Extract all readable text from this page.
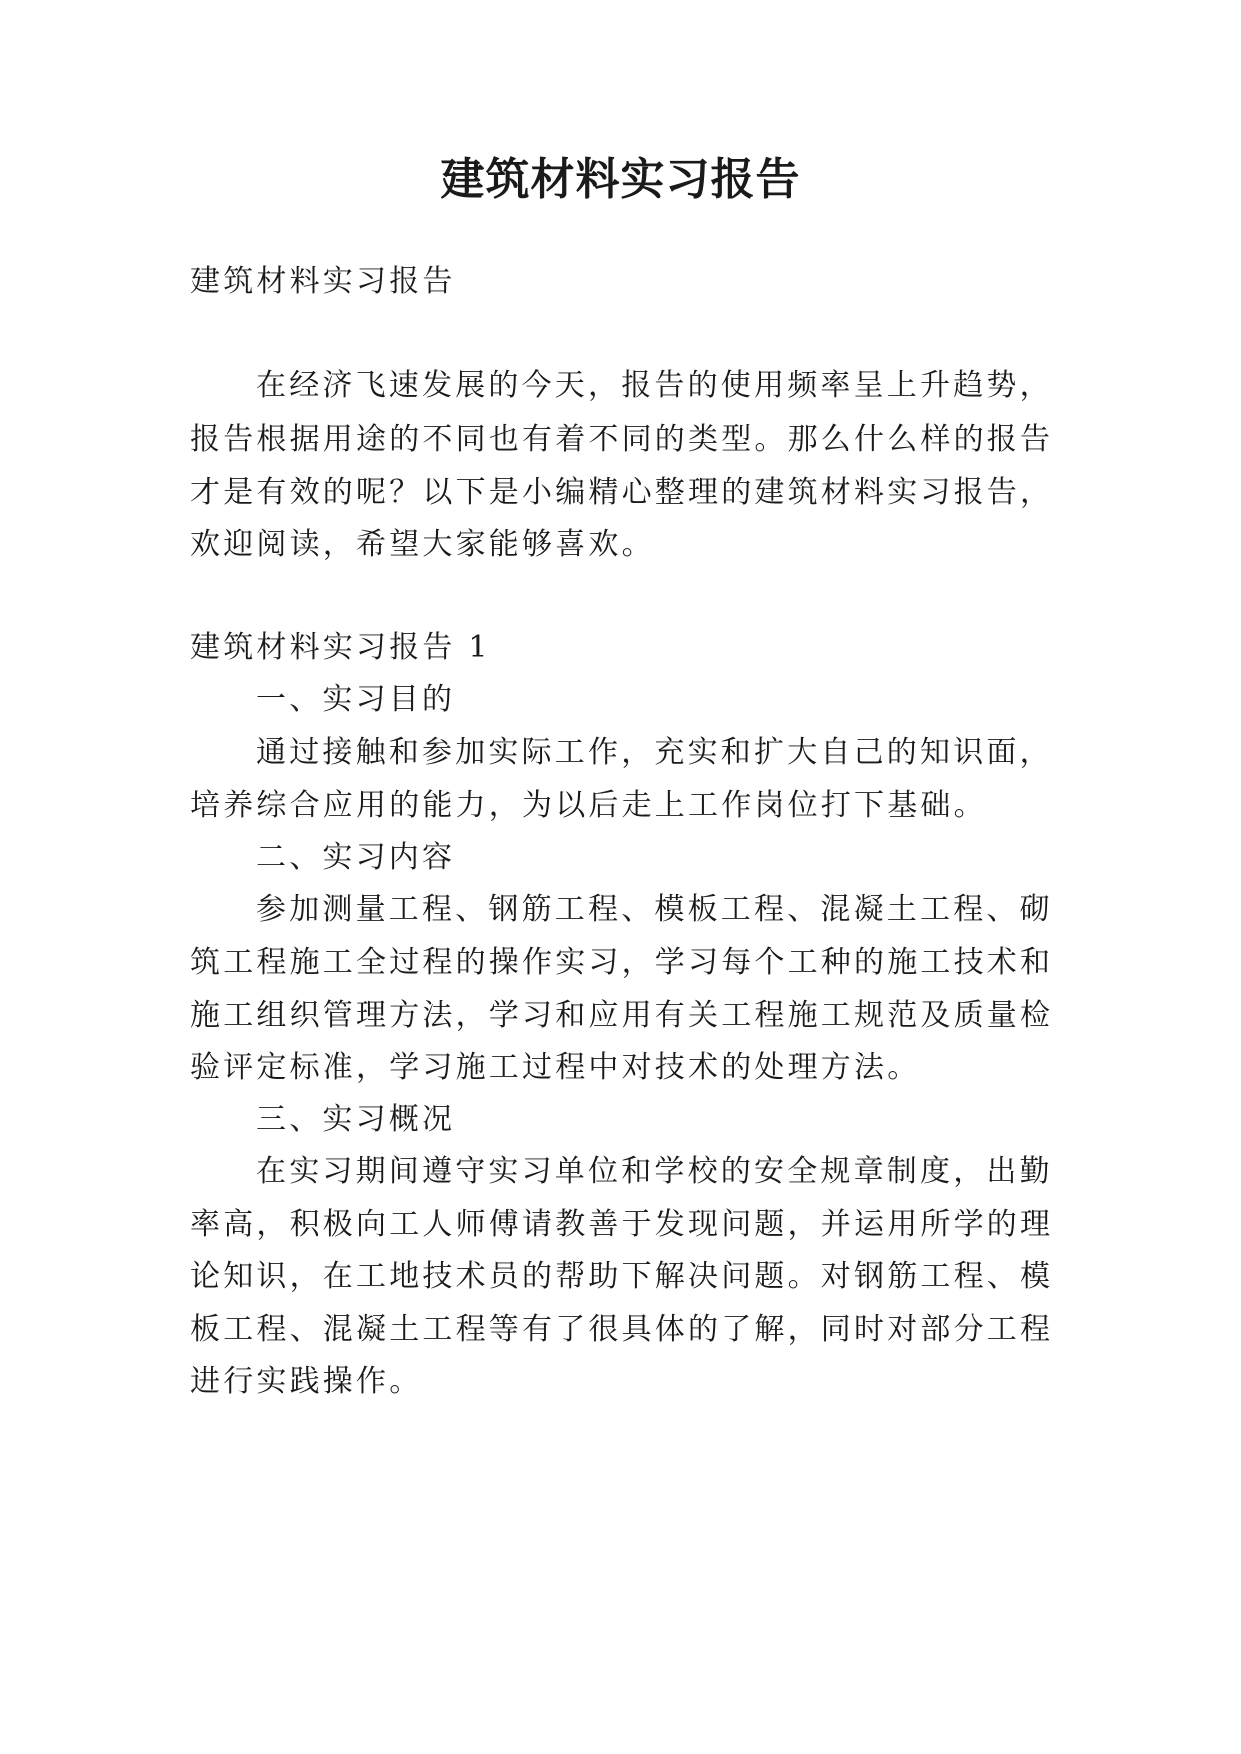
建筑材料实习报告
建筑材料实习报告
在经济飞速发展的今天，报告的使用频率呈上升趋势，
报告根据用途的不同也有着不同的类型。那么什么样的报告
才是有效的呢？以下是小编精心整理的建筑材料实习报告，
欢迎阅读，希望大家能够喜欢。
建筑材料实习报告 1
一、实习目的
通过接触和参加实际工作，充实和扩大自己的知识面，
培养综合应用的能力，为以后走上工作岗位打下基础。
二、实习内容
参加测量工程、钢筋工程、模板工程、混凝土工程、砌
筑工程施工全过程的操作实习，学习每个工种的施工技术和
施工组织管理方法，学习和应用有关工程施工规范及质量检
验评定标准，学习施工过程中对技术的处理方法。
三、实习概况
在实习期间遵守实习单位和学校的安全规章制度，出勤
率高，积极向工人师傅请教善于发现问题，并运用所学的理
论知识，在工地技术员的帮助下解决问题。对钢筋工程、模
板工程、混凝土工程等有了很具体的了解，同时对部分工程
进行实践操作。
